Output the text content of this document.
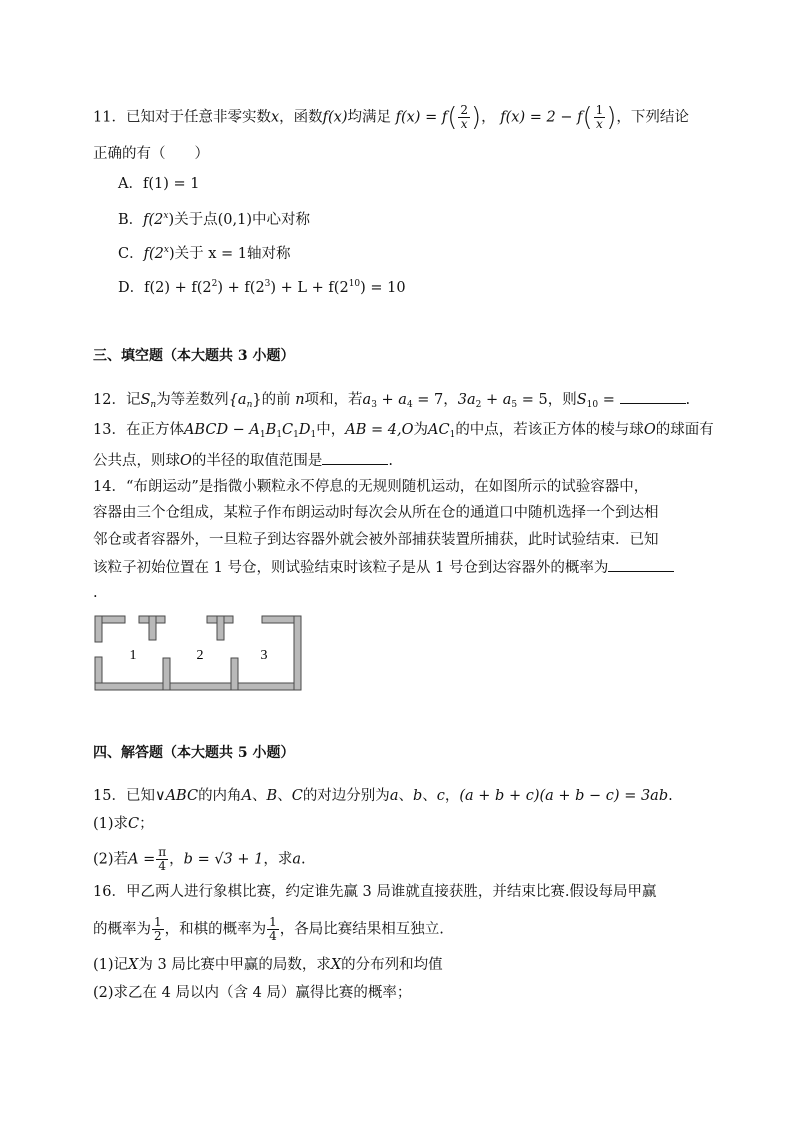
11．已知对于任意非零实数x，函数f(x)均满足 $f(x) = f( \frac{2}{x}$ )， $f(x) = 2 - f( \frac{1}{x}$ )，下列结论
正确的有（　　）
A．f(1) = 1
B．f(2$^x$)关于点(0,1)中心对称
C．f(2$^x$)关于 x = 1轴对称
D．$f(2) + f(2^2) + f(2^3) + L + f(2^{10}) = 10$
三、填空题（本大题共 3 小题）
12．记$S_n$为等差数列$\{a_n\}$的前 n项和，若$a_3 + a_4 = 7$，$3a_2 + a_5 = 5$，则$S_{10}$ =	.
13．在正方体ABCD − $A_1B_1C_1D_1$中，AB = 4,O为$AC_1$的中点，若该正方体的棱与球O的球面有
公共点，则球O的半径的取值范围是	.
14．“布朗运动”是指微小颗粒永不停息的无规则随机运动，在如图所示的试验容器中，
容器由三个仓组成，某粒子作布朗运动时每次会从所在仓的通道口中随机选择一个到达相
邻仓或者容器外，一旦粒子到达容器外就会被外部捕获装置所捕获，此时试验结束．已知
该粒子初始位置在 1 号仓，则试验结束时该粒子是从 1 号仓到达容器外的概率为
.
1	2	3
四、解答题（本大题共 5 小题）
15．已知∨ABC的内角A、B、C的对边分别为a、b、c，(a + b + c)(a + b − c) = 3ab.
(1)求C；
(2)若$A = \frac{\pi}{4}$ ，b = √3 + 1，求a.
16．甲乙两人进行象棋比赛，约定谁先赢 3 局谁就直接获胜，并结束比赛.假设每局甲赢
的概率为 $\frac{1}{2}$ ，和棋的概率为 $\frac{1}{4}$ ，各局比赛结果相互独立.
(1)记X为 3 局比赛中甲赢的局数，求X的分布列和均值
(2)求乙在 4 局以内（含 4 局）赢得比赛的概率；
